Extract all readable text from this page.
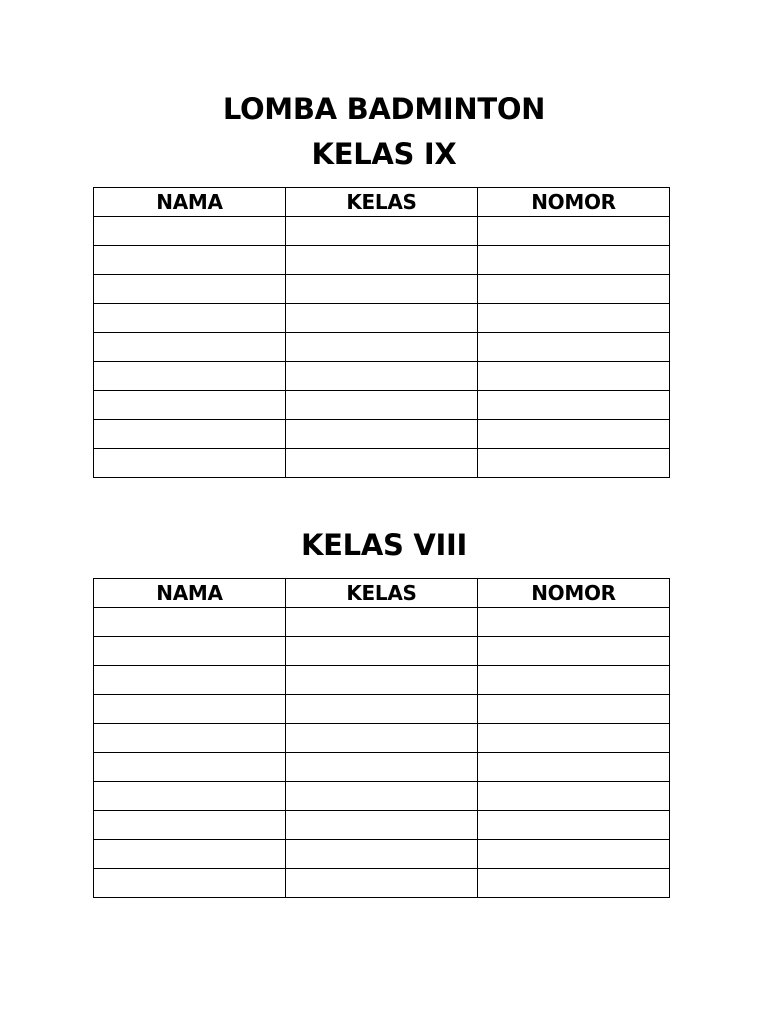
LOMBA BADMINTON
KELAS IX
NAMA	KELAS	NOMOR

KELAS VIII
NAMA	KELAS	NOMOR
